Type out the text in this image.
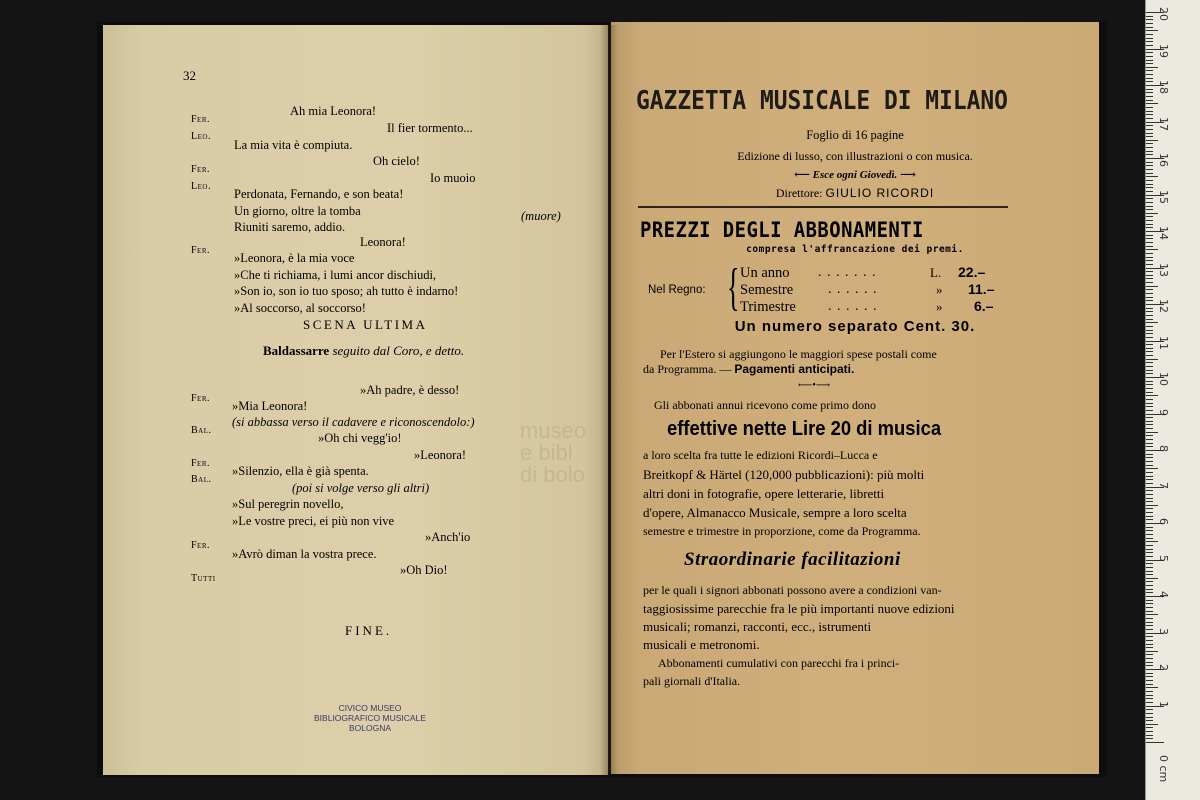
32
Fer.
Ah mia Leonora!
Leo.
Il fier tormento...
La mia vita è compiuta.
Fer.
Oh cielo!
Leo.
Io muoio
Perdonata, Fernando, e son beata!
Un giorno, oltre la tomba
Riuniti saremo, addio.
Fer.
Leonora!
»Leonora, è la mia voce
»Che ti richiama, i lumi ancor dischiudi,
»Son io, son io tuo sposo; ah tutto è indarno!
»Al soccorso, al soccorso!
(muore)
SCENA ULTIMA
Baldassarre seguito dal Coro, e detto.
Fer.
»Ah padre, è desso!
»Mia Leonora!
Bal.
(si abbassa verso il cadavere e riconoscendolo:)
»Oh chi vegg'io!
Fer.
»Leonora!
Bal.
»Silenzio, ella è già spenta.
(poi si volge verso gli altri)
»Sul peregrin novello,
»Le vostre preci, ei più non vive
Fer.
»Anch'io
»Avrò diman la vostra prece.
Tutti
»Oh Dio!
FINE.
CIVICO MUSEO
BIBLIOGRAFICO MUSICALE
BOLOGNA
museo
e bibl
di bolo
GAZZETTA MUSICALE DI MILANO
Foglio di 16 pagine
Edizione di lusso, con illustrazioni o con musica.
⟵ Esce ogni Giovedì. ⟶
Direttore: GIULIO RICORDI
PREZZI DEGLI ABBONAMENTI
compresa l'affrancazione dei premi.
Nel Regno: { Un anno . . . . . . .	L. 22.–
Semestre . . . . . .	» 11.–
Trimestre . . . . . .	» 6.–
Un numero separato Cent. 30.
Per l'Estero si aggiungono le maggiori spese postali come
da Programma. — Pagamenti anticipati.
⟵•⟶
Gli abbonati annui ricevono come primo dono
effettive nette Lire 20 di musica
a loro scelta fra tutte le edizioni Ricordi–Lucca e
Breitkopf & Härtel (120,000 pubblicazioni): più molti
altri doni in fotografie, opere letterarie, libretti
d'opere, Almanacco Musicale, sempre a loro scelta
semestre e trimestre in proporzione, come da Programma.
Straordinarie facilitazioni
per le quali i signori abbonati possono avere a condizioni van-
taggiosissime parecchie fra le più importanti nuove edizioni
musicali; romanzi, racconti, ecc., istrumenti
musicali e metronomi.
Abbonamenti cumulativi con parecchi fra i princi-
pali giornali d'Italia.
1
2
3
4
5
6
7
8
9
10
11
12
13
14
15
16
17
18
19
20
0 cm
